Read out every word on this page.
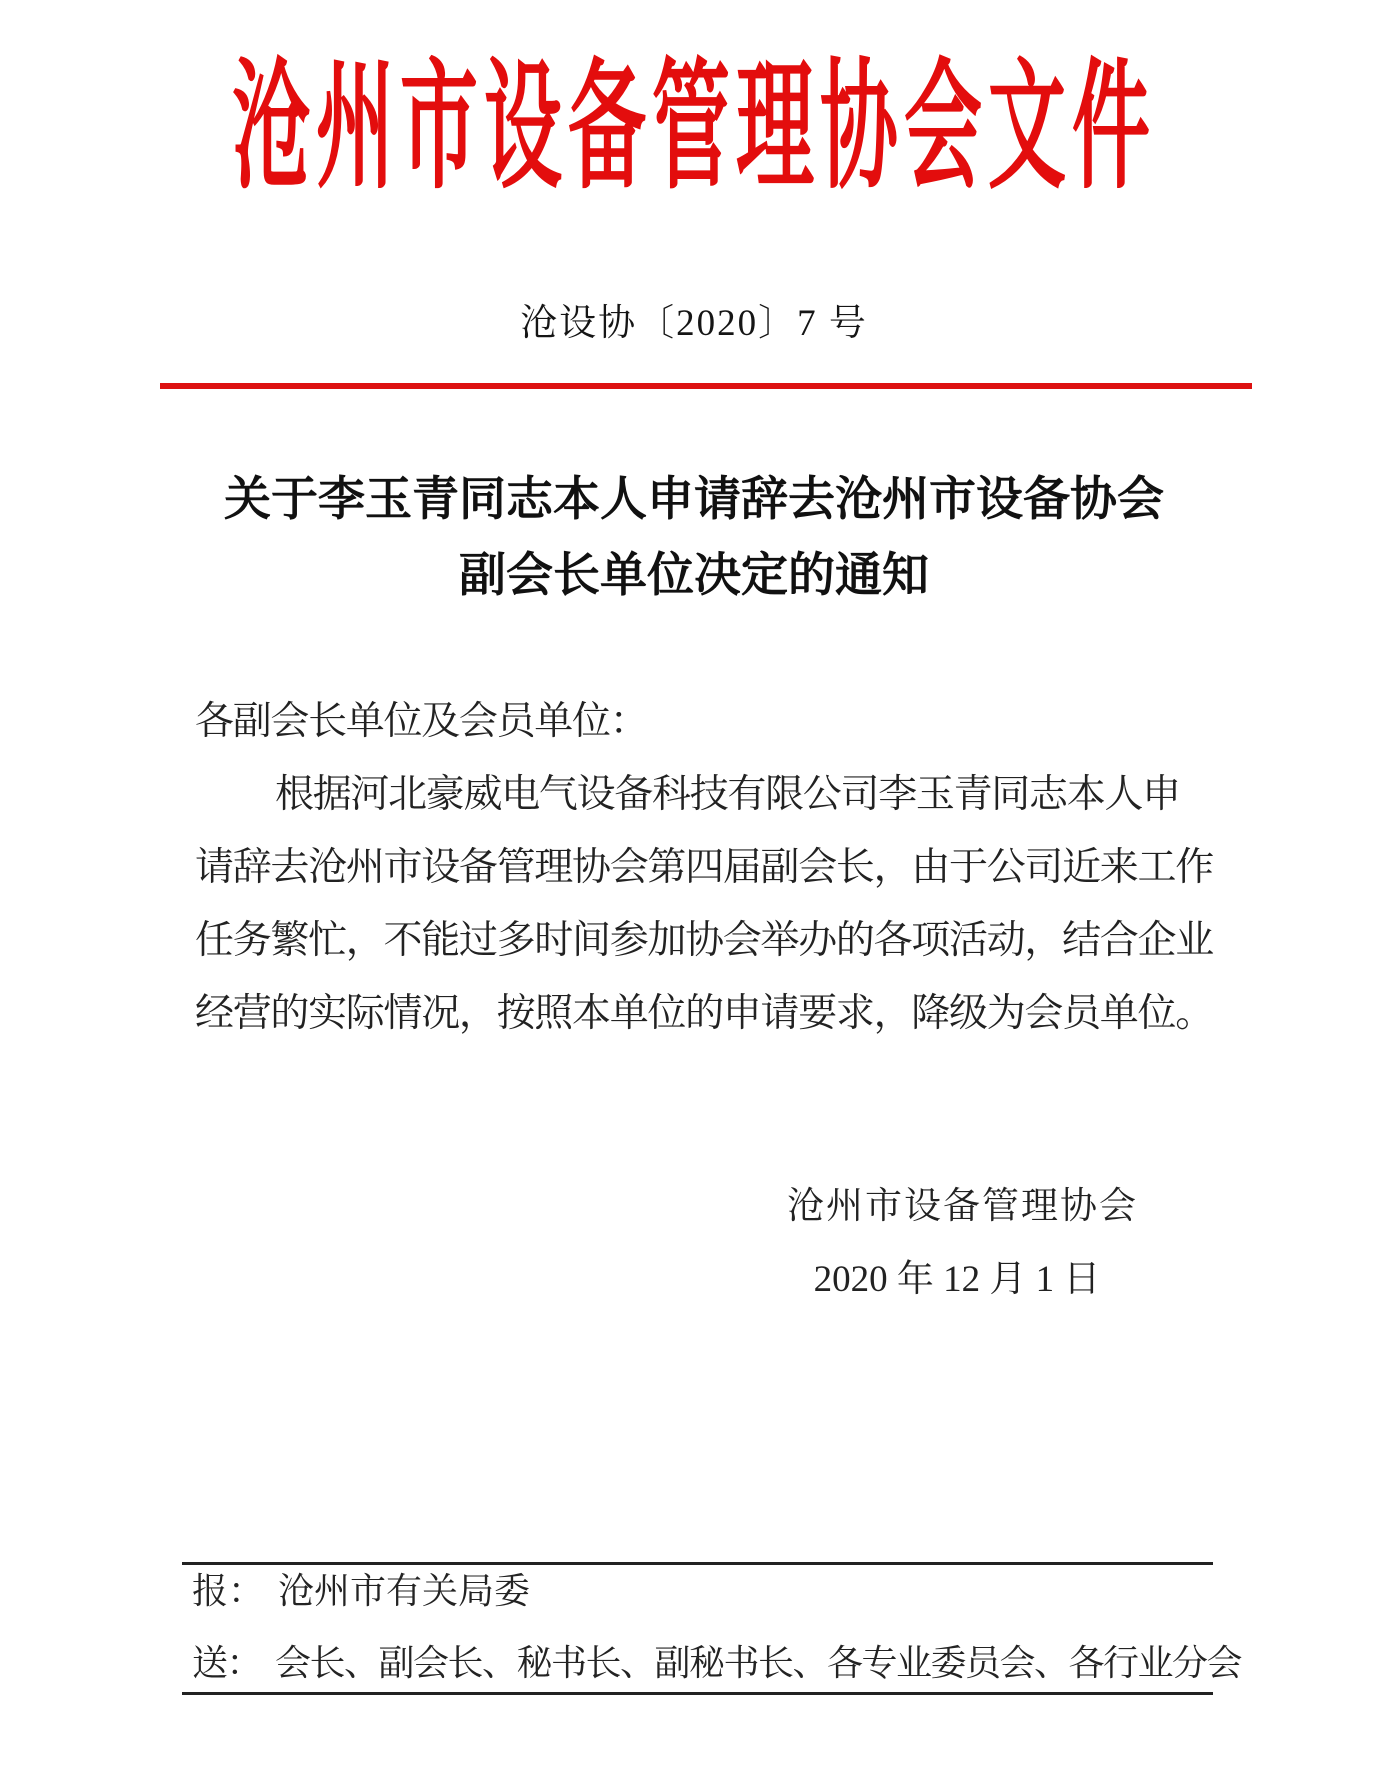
沧州市设备管理协会文件
沧设协〔2020〕7 号
关于李玉青同志本人申请辞去沧州市设备协会
副会长单位决定的通知
各副会长单位及会员单位：
根据河北豪威电气设备科技有限公司李玉青同志本人申
请辞去沧州市设备管理协会第四届副会长，由于公司近来工作
任务繁忙，不能过多时间参加协会举办的各项活动，结合企业
经营的实际情况，按照本单位的申请要求，降级为会员单位。
沧州市设备管理协会
2020 年 12 月 1 日
报： 沧州市有关局委
送： 会长、副会长、秘书长、副秘书长、各专业委员会、各行业分会
